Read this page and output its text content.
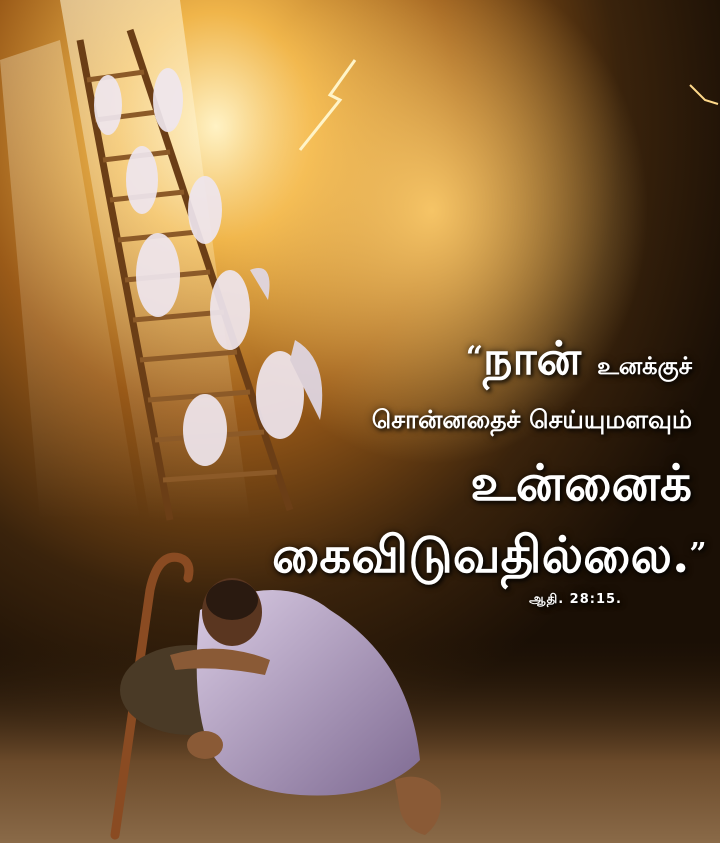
“நான் உனக்குச்
சொன்னதைச் செய்யுமளவும்
உன்னைக்
கைவிடுவதில்லை.”
ஆதி. 28:15.
